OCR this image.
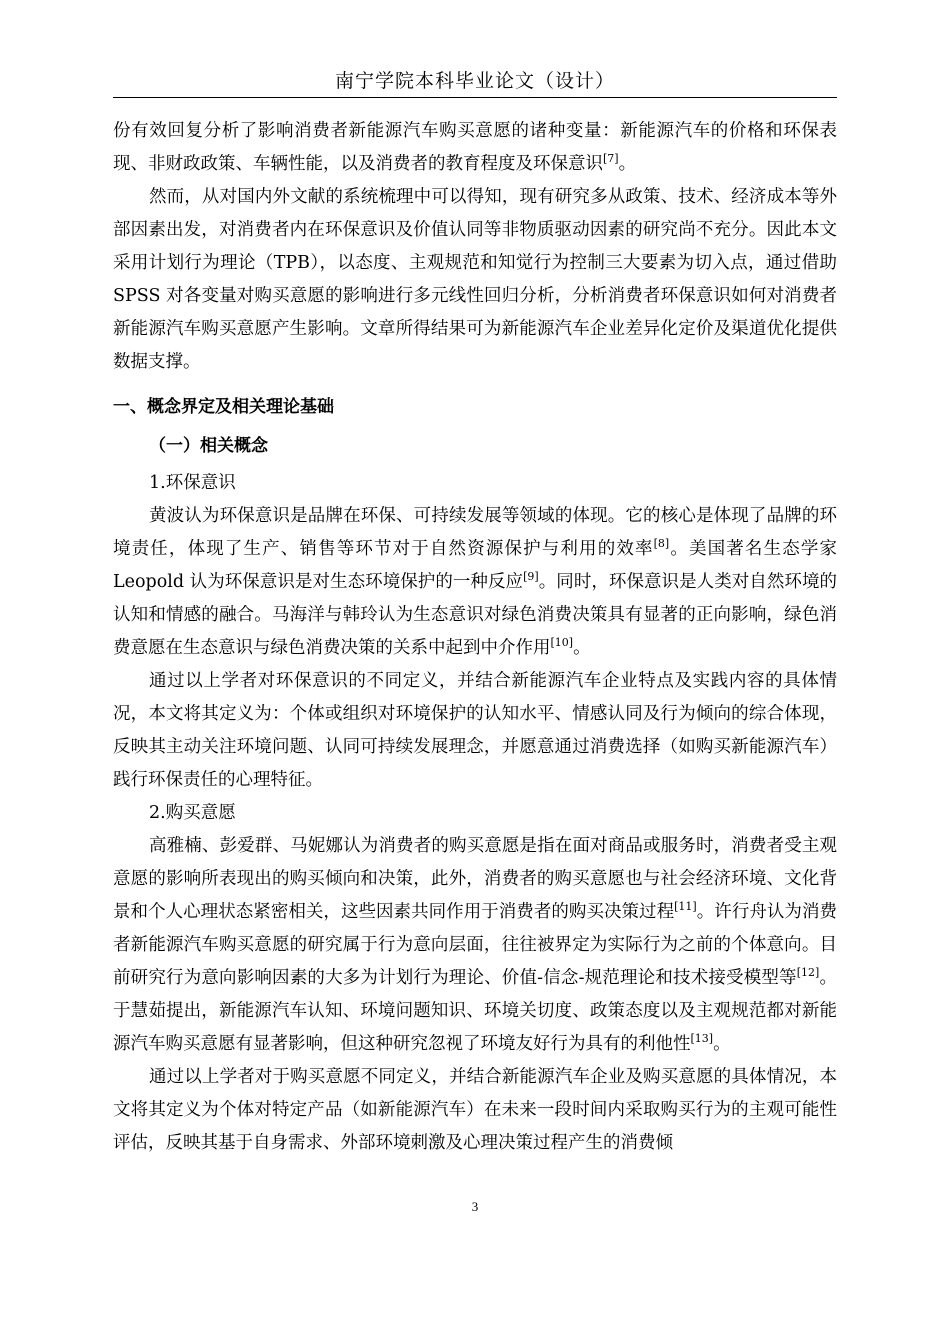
南宁学院本科毕业论文（设计）

份有效回复分析了影响消费者新能源汽车购买意愿的诸种变量：新能源汽车的价格和环保表现、非财政政策、车辆性能，以及消费者的教育程度及环保意识[7]。

然而，从对国内外文献的系统梳理中可以得知，现有研究多从政策、技术、经济成本等外部因素出发，对消费者内在环保意识及价值认同等非物质驱动因素的研究尚不充分。因此本文采用计划行为理论（TPB），以态度、主观规范和知觉行为控制三大要素为切入点，通过借助 SPSS 对各变量对购买意愿的影响进行多元线性回归分析，分析消费者环保意识如何对消费者新能源汽车购买意愿产生影响。文章所得结果可为新能源汽车企业差异化定价及渠道优化提供数据支撑。

一、概念界定及相关理论基础
（一）相关概念
1.环保意识

黄波认为环保意识是品牌在环保、可持续发展等领域的体现。它的核心是体现了品牌的环境责任，体现了生产、销售等环节对于自然资源保护与利用的效率[8]。美国著名生态学家 Leopold 认为环保意识是对生态环境保护的一种反应[9]。同时，环保意识是人类对自然环境的认知和情感的融合。马海洋与韩玲认为生态意识对绿色消费决策具有显著的正向影响，绿色消费意愿在生态意识与绿色消费决策的关系中起到中介作用[10]。

通过以上学者对环保意识的不同定义，并结合新能源汽车企业特点及实践内容的具体情况，本文将其定义为：个体或组织对环境保护的认知水平、情感认同及行为倾向的综合体现，反映其主动关注环境问题、认同可持续发展理念，并愿意通过消费选择（如购买新能源汽车）践行环保责任的心理特征。

2.购买意愿

高雅楠、彭爱群、马妮娜认为消费者的购买意愿是指在面对商品或服务时，消费者受主观意愿的影响所表现出的购买倾向和决策，此外，消费者的购买意愿也与社会经济环境、文化背景和个人心理状态紧密相关，这些因素共同作用于消费者的购买决策过程[11]。许行舟认为消费者新能源汽车购买意愿的研究属于行为意向层面，往往被界定为实际行为之前的个体意向。目前研究行为意向影响因素的大多为计划行为理论、价值-信念-规范理论和技术接受模型等[12]。于慧茹提出，新能源汽车认知、环境问题知识、环境关切度、政策态度以及主观规范都对新能源汽车购买意愿有显著影响，但这种研究忽视了环境友好行为具有的利他性[13]。

通过以上学者对于购买意愿不同定义，并结合新能源汽车企业及购买意愿的具体情况，本文将其定义为个体对特定产品（如新能源汽车）在未来一段时间内采取购买行为的主观可能性评估，反映其基于自身需求、外部环境刺激及心理决策过程产生的消费倾

3
